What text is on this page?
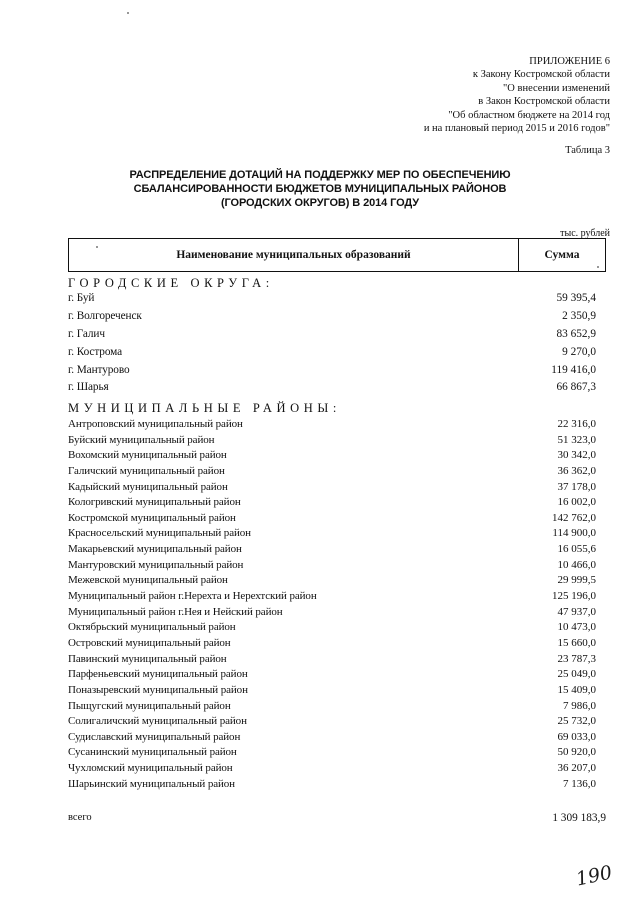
ПРИЛОЖЕНИЕ 6
к Закону Костромской области
"О внесении изменений
в Закон Костромской области
"Об областном бюджете на 2014 год
и на плановый период 2015 и 2016 годов"
Таблица 3
РАСПРЕДЕЛЕНИЕ ДОТАЦИЙ НА ПОДДЕРЖКУ МЕР ПО ОБЕСПЕЧЕНИЮ
СБАЛАНСИРОВАННОСТИ БЮДЖЕТОВ МУНИЦИПАЛЬНЫХ РАЙОНОВ
(ГОРОДСКИХ ОКРУГОВ) В 2014 ГОДУ
тыс. рублей
Наименование муниципальных образований	Сумма
ГОРОДСКИЕ ОКРУГА:
г. Буй	59 395,4
г. Волгореченск	2 350,9
г. Галич	83 652,9
г. Кострома	9 270,0
г. Мантурово	119 416,0
г. Шарья	66 867,3
МУНИЦИПАЛЬНЫЕ РАЙОНЫ:
Антроповский муниципальный район	22 316,0
Буйский муниципальный район	51 323,0
Вохомский муниципальный район	30 342,0
Галичский муниципальный район	36 362,0
Кадыйский муниципальный район	37 178,0
Кологривский муниципальный район	16 002,0
Костромской муниципальный район	142 762,0
Красносельский муниципальный район	114 900,0
Макарьевский муниципальный район	16 055,6
Мантуровский муниципальный район	10 466,0
Межевской муниципальный район	29 999,5
Муниципальный район г.Нерехта и Нерехтский район	125 196,0
Муниципальный район г.Нея и Нейский район	47 937,0
Октябрьский муниципальный район	10 473,0
Островский муниципальный район	15 660,0
Павинский муниципальный район	23 787,3
Парфеньевский муниципальный район	25 049,0
Поназыревский муниципальный район	15 409,0
Пыщугский муниципальный район	7 986,0
Солигаличский муниципальный район	25 732,0
Судиславский муниципальный район	69 033,0
Сусанинский муниципальный район	50 920,0
Чухломский муниципальный район	36 207,0
Шарьинский муниципальный район	7 136,0
всего	1 309 183,9
190
